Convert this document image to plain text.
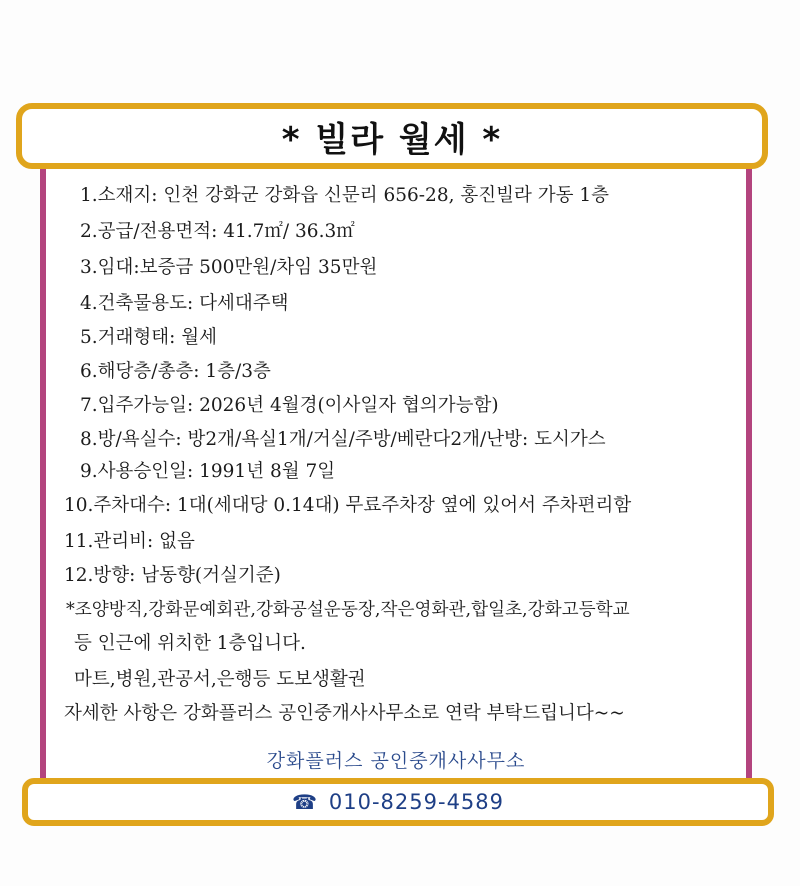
* 빌라 월세 *
1.소재지: 인천 강화군 강화읍 신문리 656-28, 홍진빌라 가동 1층
2.공급/전용면적: 41.7㎡/ 36.3㎡
3.임대:보증금 500만원/차임 35만원
4.건축물용도: 다세대주택
5.거래형태: 월세
6.해당층/총층: 1층/3층
7.입주가능일: 2026년 4월경(이사일자 협의가능함)
8.방/욕실수: 방2개/욕실1개/거실/주방/베란다2개/난방: 도시가스
9.사용승인일: 1991년 8월 7일
10.주차대수: 1대(세대당 0.14대) 무료주차장 옆에 있어서 주차편리함
11.관리비: 없음
12.방향: 남동향(거실기준)
*조양방직,강화문예회관,강화공설운동장,작은영화관,합일초,강화고등학교
등 인근에 위치한 1층입니다.
마트,병원,관공서,은행등 도보생활권
자세한 사항은 강화플러스 공인중개사사무소로 연락 부탁드립니다~~
강화플러스 공인중개사사무소
☎ 010-8259-4589
